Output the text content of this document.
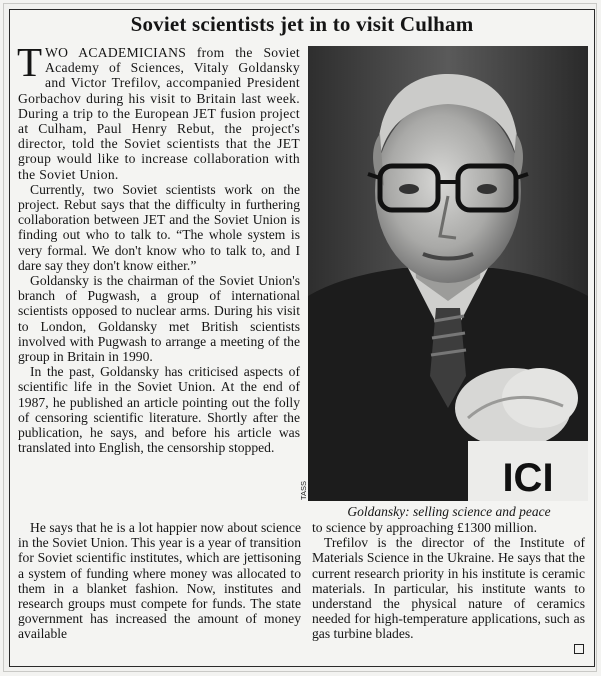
Soviet scientists jet in to visit Culham

TWO ACADEMICIANS from the Soviet Academy of Sciences, Vitaly Goldansky and Victor Trefilov, accompanied President Gorbachov during his visit to Britain last week. During a trip to the European JET fusion project at Culham, Paul Henry Rebut, the project's director, told the Soviet scientists that the JET group would like to increase collaboration with the Soviet Union.

Currently, two Soviet scientists work on the project. Rebut says that the difficulty in furthering collaboration between JET and the Soviet Union is finding out who to talk to. “The whole system is very formal. We don't know who to talk to, and I dare say they don't know either.”

Goldansky is the chairman of the Soviet Union's branch of Pugwash, a group of international scientists opposed to nuclear arms. During his visit to London, Goldansky met British scientists involved with Pugwash to arrange a meeting of the group in Britain in 1990.

In the past, Goldansky has criticised aspects of scientific life in the Soviet Union. At the end of 1987, he published an article pointing out the folly of censoring scientific literature. Shortly after the publication, he says, and before his article was translated into English, the censorship stopped.

ICI
TASS
Goldansky: selling science and peace

He says that he is a lot happier now about science in the Soviet Union. This year is a year of transition for Soviet scientific institutes, which are jettisoning a system of funding where money was allocated to them in a blanket fashion. Now, institutes and research groups must compete for funds. The state government has increased the amount of money available

to science by approaching £1300 million.

Trefilov is the director of the Institute of Materials Science in the Ukraine. He says that the current research priority in his institute is ceramic materials. In particular, his institute wants to understand the physical nature of ceramics needed for high-temperature applications, such as gas turbine blades.
